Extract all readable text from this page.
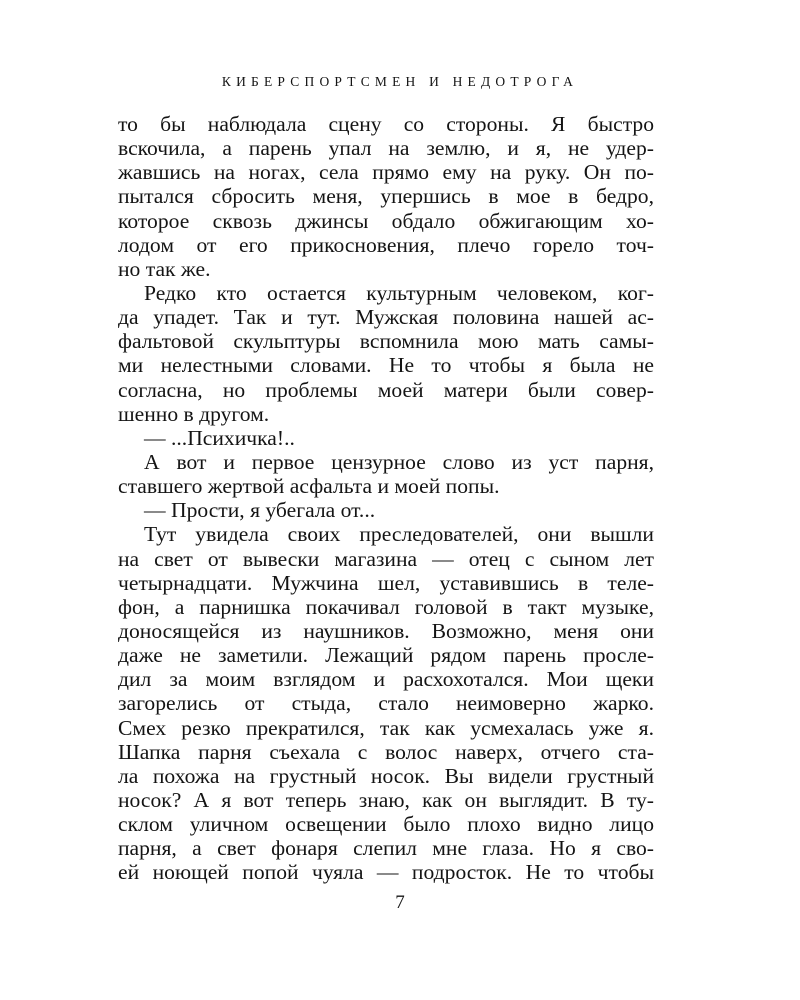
КИБЕРСПОРТСМЕН И НЕДОТРОГА
то бы наблюдала сцену со стороны. Я быстро
вскочила, а парень упал на землю, и я, не удер-
жавшись на ногах, села прямо ему на руку. Он по-
пытался сбросить меня, упершись в мое в бедро,
которое сквозь джинсы обдало обжигающим хо-
лодом от его прикосновения, плечо горело точ-
но так же.
Редко кто остается культурным человеком, ког-
да упадет. Так и тут. Мужская половина нашей ас-
фальтовой скульптуры вспомнила мою мать самы-
ми нелестными словами. Не то чтобы я была не
согласна, но проблемы моей матери были совер-
шенно в другом.
— ...Психичка!..
А вот и первое цензурное слово из уст парня,
ставшего жертвой асфальта и моей попы.
— Прости, я убегала от...
Тут увидела своих преследователей, они вышли
на свет от вывески магазина — отец с сыном лет
четырнадцати. Мужчина шел, уставившись в теле-
фон, а парнишка покачивал головой в такт музыке,
доносящейся из наушников. Возможно, меня они
даже не заметили. Лежащий рядом парень просле-
дил за моим взглядом и расхохотался. Мои щеки
загорелись от стыда, стало неимоверно жарко.
Смех резко прекратился, так как усмехалась уже я.
Шапка парня съехала с волос наверх, отчего ста-
ла похожа на грустный носок. Вы видели грустный
носок? А я вот теперь знаю, как он выглядит. В ту-
склом уличном освещении было плохо видно лицо
парня, а свет фонаря слепил мне глаза. Но я сво-
ей ноющей попой чуяла — подросток. Не то чтобы

7
